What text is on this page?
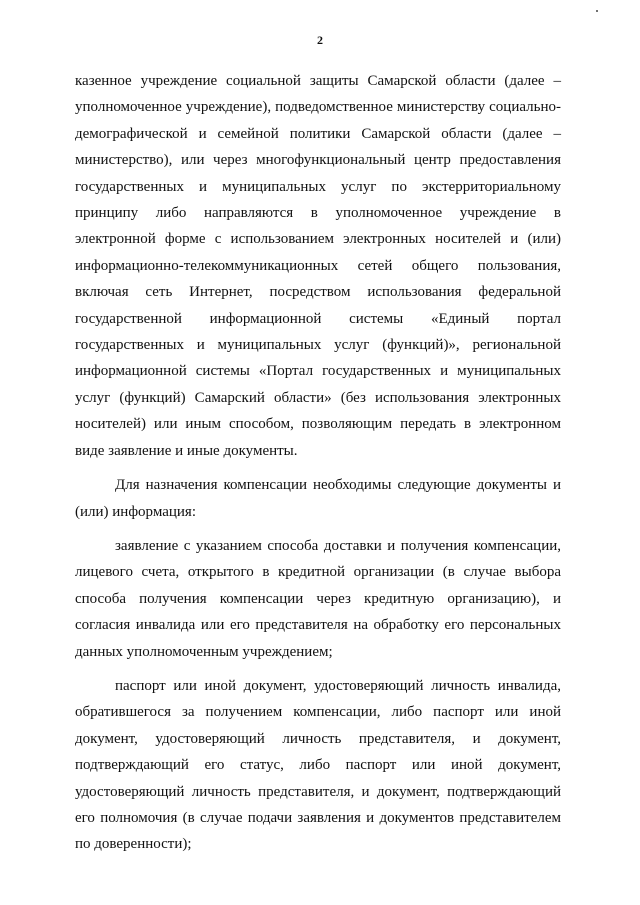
2

казенное учреждение социальной защиты Самарской области (далее – уполномоченное учреждение), подведомственное министерству социально-демографической и семейной политики Самарской области (далее – министерство), или через многофункциональный центр предоставления государственных и муниципальных услуг по экстерриториальному принципу либо направляются в уполномоченное учреждение в электронной форме с использованием электронных носителей и (или) информационно-телекоммуникационных сетей общего пользования, включая сеть Интернет, посредством использования федеральной государственной информационной системы «Единый портал государственных и муниципальных услуг (функций)», региональной информационной системы «Портал государственных и муниципальных услуг (функций) Самарский области» (без использования электронных носителей) или иным способом, позволяющим передать в электронном виде заявление и иные документы.

Для назначения компенсации необходимы следующие документы и (или) информация:

заявление с указанием способа доставки и получения компенсации, лицевого счета, открытого в кредитной организации (в случае выбора способа получения компенсации через кредитную организацию), и согласия инвалида или его представителя на обработку его персональных данных уполномоченным учреждением;

паспорт или иной документ, удостоверяющий личность инвалида, обратившегося за получением компенсации, либо паспорт или иной документ, удостоверяющий личность представителя, и документ, подтверждающий его статус, либо паспорт или иной документ, удостоверяющий личность представителя, и документ, подтверждающий его полномочия (в случае подачи заявления и документов представителем по доверенности);
